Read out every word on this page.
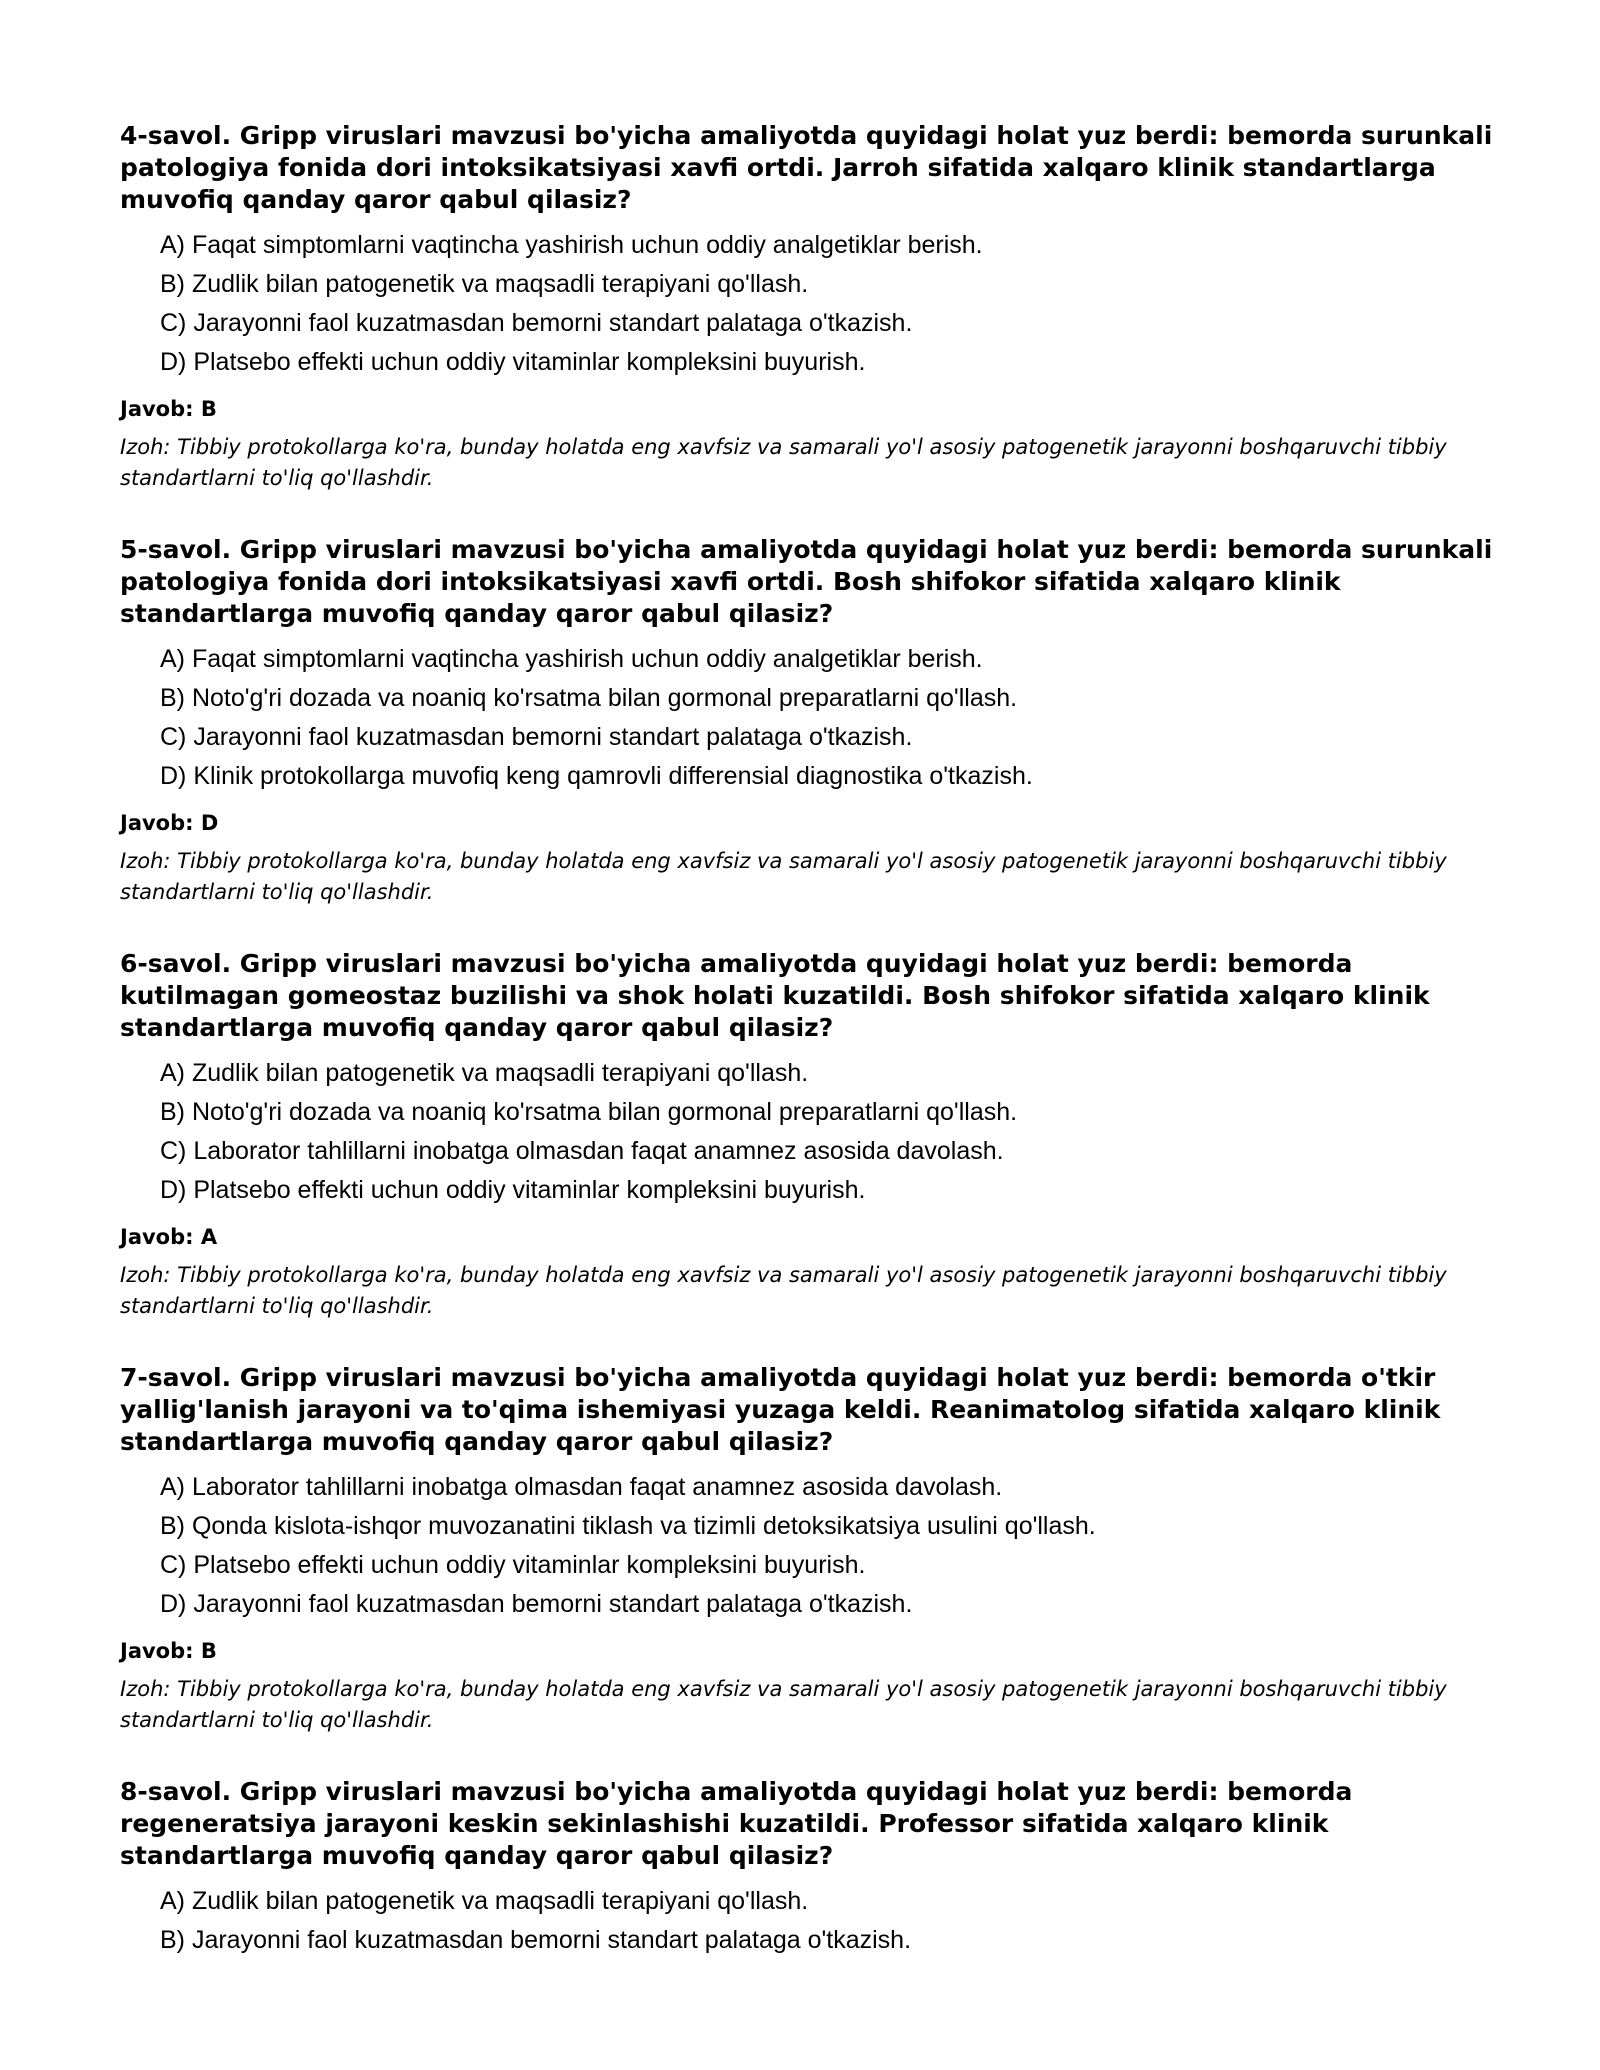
4-savol. Gripp viruslari mavzusi bo'yicha amaliyotda quyidagi holat yuz berdi: bemorda surunkali patologiya fonida dori intoksikatsiyasi xavfi ortdi. Jarroh sifatida xalqaro klinik standartlarga muvofiq qanday qaror qabul qilasiz?

A) Faqat simptomlarni vaqtincha yashirish uchun oddiy analgetiklar berish.
B) Zudlik bilan patogenetik va maqsadli terapiyani qo'llash.
C) Jarayonni faol kuzatmasdan bemorni standart palataga o'tkazish.
D) Platsebo effekti uchun oddiy vitaminlar kompleksini buyurish.

Javob: B

Izoh: Tibbiy protokollarga ko'ra, bunday holatda eng xavfsiz va samarali yo'l asosiy patogenetik jarayonni boshqaruvchi tibbiy standartlarni to'liq qo'llashdir.

5-savol. Gripp viruslari mavzusi bo'yicha amaliyotda quyidagi holat yuz berdi: bemorda surunkali patologiya fonida dori intoksikatsiyasi xavfi ortdi. Bosh shifokor sifatida xalqaro klinik standartlarga muvofiq qanday qaror qabul qilasiz?

A) Faqat simptomlarni vaqtincha yashirish uchun oddiy analgetiklar berish.
B) Noto'g'ri dozada va noaniq ko'rsatma bilan gormonal preparatlarni qo'llash.
C) Jarayonni faol kuzatmasdan bemorni standart palataga o'tkazish.
D) Klinik protokollarga muvofiq keng qamrovli differensial diagnostika o'tkazish.

Javob: D

Izoh: Tibbiy protokollarga ko'ra, bunday holatda eng xavfsiz va samarali yo'l asosiy patogenetik jarayonni boshqaruvchi tibbiy standartlarni to'liq qo'llashdir.

6-savol. Gripp viruslari mavzusi bo'yicha amaliyotda quyidagi holat yuz berdi: bemorda kutilmagan gomeostaz buzilishi va shok holati kuzatildi. Bosh shifokor sifatida xalqaro klinik standartlarga muvofiq qanday qaror qabul qilasiz?

A) Zudlik bilan patogenetik va maqsadli terapiyani qo'llash.
B) Noto'g'ri dozada va noaniq ko'rsatma bilan gormonal preparatlarni qo'llash.
C) Laborator tahlillarni inobatga olmasdan faqat anamnez asosida davolash.
D) Platsebo effekti uchun oddiy vitaminlar kompleksini buyurish.

Javob: A

Izoh: Tibbiy protokollarga ko'ra, bunday holatda eng xavfsiz va samarali yo'l asosiy patogenetik jarayonni boshqaruvchi tibbiy standartlarni to'liq qo'llashdir.

7-savol. Gripp viruslari mavzusi bo'yicha amaliyotda quyidagi holat yuz berdi: bemorda o'tkir yallig'lanish jarayoni va to'qima ishemiyasi yuzaga keldi. Reanimatolog sifatida xalqaro klinik standartlarga muvofiq qanday qaror qabul qilasiz?

A) Laborator tahlillarni inobatga olmasdan faqat anamnez asosida davolash.
B) Qonda kislota-ishqor muvozanatini tiklash va tizimli detoksikatsiya usulini qo'llash.
C) Platsebo effekti uchun oddiy vitaminlar kompleksini buyurish.
D) Jarayonni faol kuzatmasdan bemorni standart palataga o'tkazish.

Javob: B

Izoh: Tibbiy protokollarga ko'ra, bunday holatda eng xavfsiz va samarali yo'l asosiy patogenetik jarayonni boshqaruvchi tibbiy standartlarni to'liq qo'llashdir.

8-savol. Gripp viruslari mavzusi bo'yicha amaliyotda quyidagi holat yuz berdi: bemorda regeneratsiya jarayoni keskin sekinlashishi kuzatildi. Professor sifatida xalqaro klinik standartlarga muvofiq qanday qaror qabul qilasiz?

A) Zudlik bilan patogenetik va maqsadli terapiyani qo'llash.
B) Jarayonni faol kuzatmasdan bemorni standart palataga o'tkazish.
